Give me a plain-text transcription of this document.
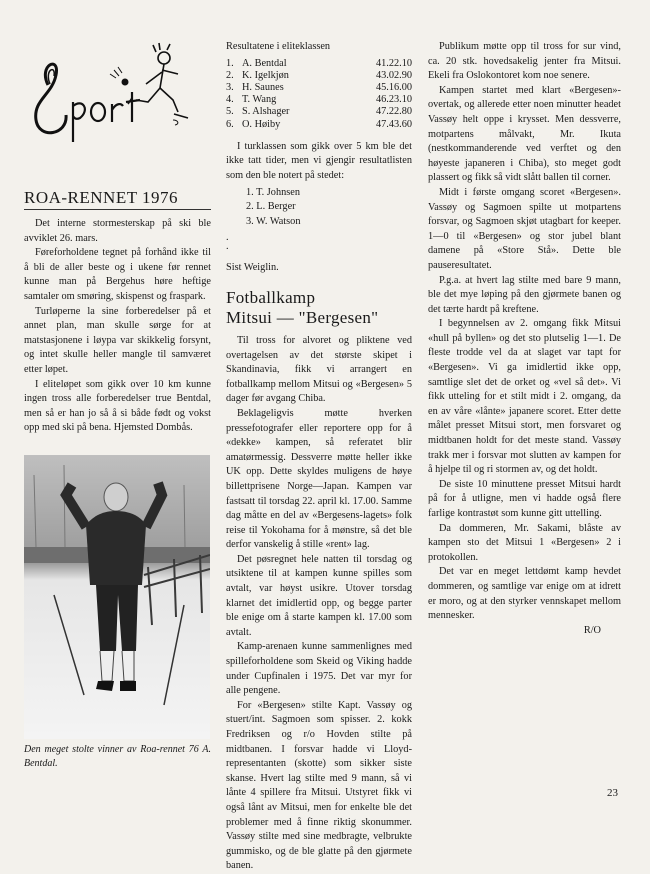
ROA-RENNET 1976

Det interne stormesterskap på ski ble avviklet 26. mars.

Føreforholdene tegnet på forhånd ikke til å bli de aller beste og i ukene før rennet kunne man på Bergehus høre heftige samtaler om smøring, skispenst og fraspark.

Turløperne la sine forberedelser på et annet plan, man skulle sørge for at matstasjonene i løypa var skikkelig forsynt, og intet skulle heller mangle til samværet etter løpet.

I eliteløpet som gikk over 10 km kunne ingen tross alle forberedelser true Bentdal, men så er han jo så å si både født og vokst opp med ski på bena. Hjemsted Dombås.

Den meget stolte vinner av Roa-rennet 76 A. Bentdal.
Resultatene i eliteklassen
1.	A. Bentdal	41.22.10
2.	K. Igelkjøn	43.02.90
3.	H. Saunes	45.16.00
4.	T. Wang	46.23.10
5.	S. Alshager	47.22.80
6.	O. Høiby	47.43.60

I turklassen som gikk over 5 km ble det ikke tatt tider, men vi gjengir resultatlisten som den ble notert på stedet:

1. T. Johnsen
2. L. Berger
3. W. Watson
.
.
Sist Weiglin.
Fotballkamp
Mitsui — "Bergesen"

Til tross for alvoret og pliktene ved overtagelsen av det største skipet i Skandinavia, fikk vi arrangert en fotballkamp mellom Mitsui og «Bergesen» 5 dager før avgang Chiba.

Beklageligvis møtte hverken pressefotografer eller reportere opp for å «dekke» kampen, så referatet blir amatørmessig. Dessverre møtte heller ikke UK opp. Dette skyldes muligens de høye billettprisene Norge—Japan. Kampen var fastsatt til torsdag 22. april kl. 17.00. Samme dag måtte en del av «Bergesens-lagets» folk reise til Yokohama for å mønstre, så det ble derfor vanskelig å stille «rent» lag.

Det pøsregnet hele natten til torsdag og utsiktene til at kampen kunne spilles som avtalt, var høyst usikre. Utover torsdag klarnet det imidlertid opp, og begge parter ble enige om å starte kampen kl. 17.00 som avtalt.

Kamp-arenaen kunne sammenlignes med spilleforholdene som Skeid og Viking hadde under Cupfinalen i 1975. Det var myr for alle pengene.

For «Bergesen» stilte Kapt. Vassøy og stuert/int. Sagmoen som spisser. 2. kokk Fredriksen og r/o Hovden stilte på midtbanen. I forsvar hadde vi Lloyd-representanten (skotte) som sikker siste skanse. Hvert lag stilte med 9 mann, så vi lånte 4 spillere fra Mitsui. Utstyret fikk vi også lånt av Mitsui, men for enkelte ble det problemer med å finne riktig skonummer. Vassøy stilte med sine medbragte, velbrukte gummisko, og de ble glatte på den gjørmete banen.

Publikum møtte opp til tross for sur vind, ca. 20 stk. hovedsakelig jenter fra Mitsui. Ekeli fra Oslokontoret kom noe senere.

Kampen startet med klart «Bergesen»-overtak, og allerede etter noen minutter headet Vassøy helt oppe i krysset. Men dessverre, motpartens målvakt, Mr. Ikuta (nestkommanderende ved verftet og den høyeste japaneren i Chiba), sto meget godt plassert og fikk så vidt slått ballen til corner.

Midt i første omgang scoret «Bergesen». Vassøy og Sagmoen spilte ut motpartens forsvar, og Sagmoen skjøt utagbart for keeper. 1—0 til «Bergesen» og stor jubel blant damene på «Store Stå». Dette ble pauseresultatet.

P.g.a. at hvert lag stilte med bare 9 mann, ble det mye løping på den gjørmete banen og det tærte hardt på kreftene.

I begynnelsen av 2. omgang fikk Mitsui «hull på byllen» og det sto plutselig 1—1. De fleste trodde vel da at slaget var tapt for «Bergesen». Vi ga imidlertid ikke opp, samtlige slet det de orket og «vel så det». Vi fikk utteling for et stilt midt i 2. omgang, da en av våre «lånte» japanere scoret. Etter dette målet presset Mitsui stort, men forsvaret og midtbanen holdt for det meste stand. Vassøy trakk mer i forsvar mot slutten av kampen for å hjelpe til og ri stormen av, og det holdt.

De siste 10 minuttene presset Mitsui hardt på for å utligne, men vi hadde også flere farlige kontrastøt som kunne gitt uttelling.

Da dommeren, Mr. Sakami, blåste av kampen sto det Mitsui 1 «Bergesen» 2 i protokollen.

Det var en meget lettdømt kamp hevdet dommeren, og samtlige var enige om at idrett er moro, og at den styrker vennskapet mellom mennesker.

R/O
23
